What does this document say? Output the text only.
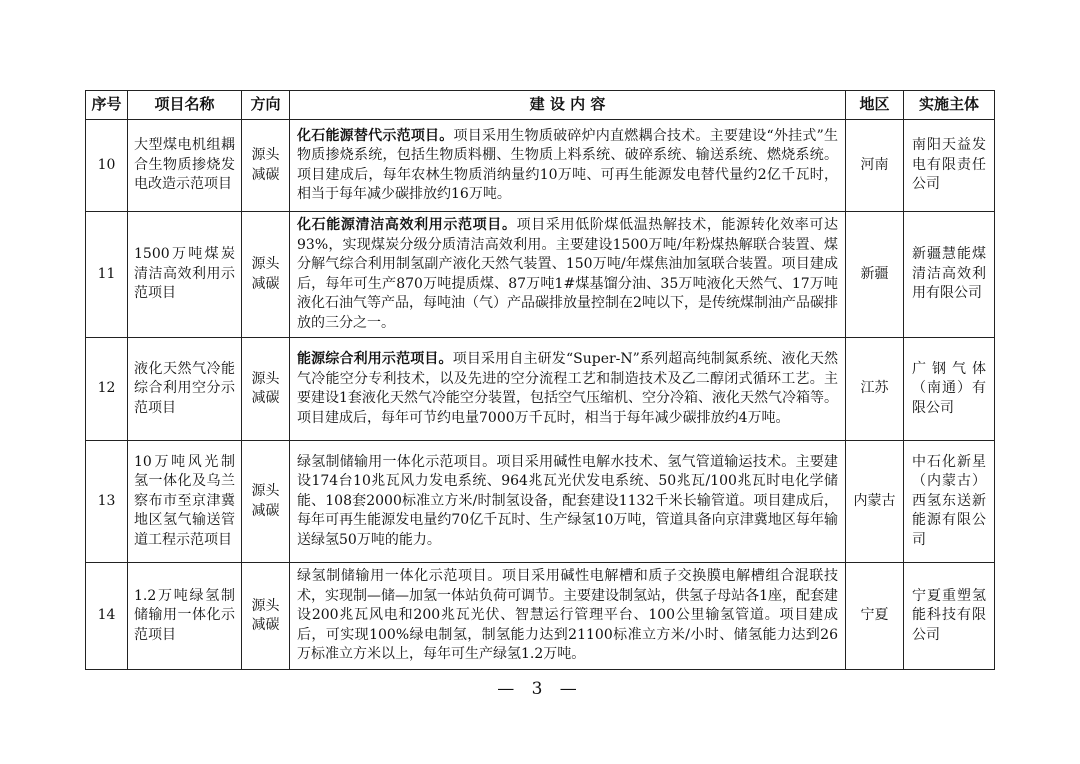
序号	项目名称	方向	建 设 内 容	地区	实施主体
10	大型煤电机组耦合生物质掺烧发电改造示范项目	源头减碳	化石能源替代示范项目。项目采用生物质破碎炉内直燃耦合技术。主要建设“外挂式”生物质掺烧系统，包括生物质料棚、生物质上料系统、破碎系统、输送系统、燃烧系统。项目建成后，每年农林生物质消纳量约10万吨、可再生能源发电替代量约2亿千瓦时，相当于每年减少碳排放约16万吨。	河南	南阳天益发电有限责任公司
11	1500万吨煤炭清洁高效利用示范项目	源头减碳	化石能源清洁高效利用示范项目。项目采用低阶煤低温热解技术，能源转化效率可达93%，实现煤炭分级分质清洁高效利用。主要建设1500万吨/年粉煤热解联合装置、煤分解气综合利用制氢副产液化天然气装置、150万吨/年煤焦油加氢联合装置。项目建成后，每年可生产870万吨提质煤、87万吨1#煤基馏分油、35万吨液化天然气、17万吨液化石油气等产品，每吨油（气）产品碳排放量控制在2吨以下，是传统煤制油产品碳排放的三分之一。	新疆	新疆慧能煤清洁高效利用有限公司
12	液化天然气冷能综合利用空分示范项目	源头减碳	能源综合利用示范项目。项目采用自主研发“Super-N”系列超高纯制氮系统、液化天然气冷能空分专利技术，以及先进的空分流程工艺和制造技术及乙二醇闭式循环工艺。主要建设1套液化天然气冷能空分装置，包括空气压缩机、空分冷箱、液化天然气冷箱等。项目建成后，每年可节约电量7000万千瓦时，相当于每年减少碳排放约4万吨。	江苏	广钢气体（南通）有限公司
13	10万吨风光制氢一体化及乌兰察布市至京津冀地区氢气输送管道工程示范项目	源头减碳	绿氢制储输用一体化示范项目。项目采用碱性电解水技术、氢气管道输运技术。主要建设174台10兆瓦风力发电系统、964兆瓦光伏发电系统、50兆瓦/100兆瓦时电化学储能、108套2000标准立方米/时制氢设备，配套建设1132千米长输管道。项目建成后，每年可再生能源发电量约70亿千瓦时、生产绿氢10万吨，管道具备向京津冀地区每年输送绿氢50万吨的能力。	内蒙古	中石化新星（内蒙古）西氢东送新能源有限公司
14	1.2万吨绿氢制储输用一体化示范项目	源头减碳	绿氢制储输用一体化示范项目。项目采用碱性电解槽和质子交换膜电解槽组合混联技术，实现制—储—加氢一体站负荷可调节。主要建设制氢站，供氢子母站各1座，配套建设200兆瓦风电和200兆瓦光伏、智慧运行管理平台、100公里输氢管道。项目建成后，可实现100%绿电制氢，制氢能力达到21100标准立方米/小时、储氢能力达到26万标准立方米以上，每年可生产绿氢1.2万吨。	宁夏	宁夏重塑氢能科技有限公司
— 3 —
